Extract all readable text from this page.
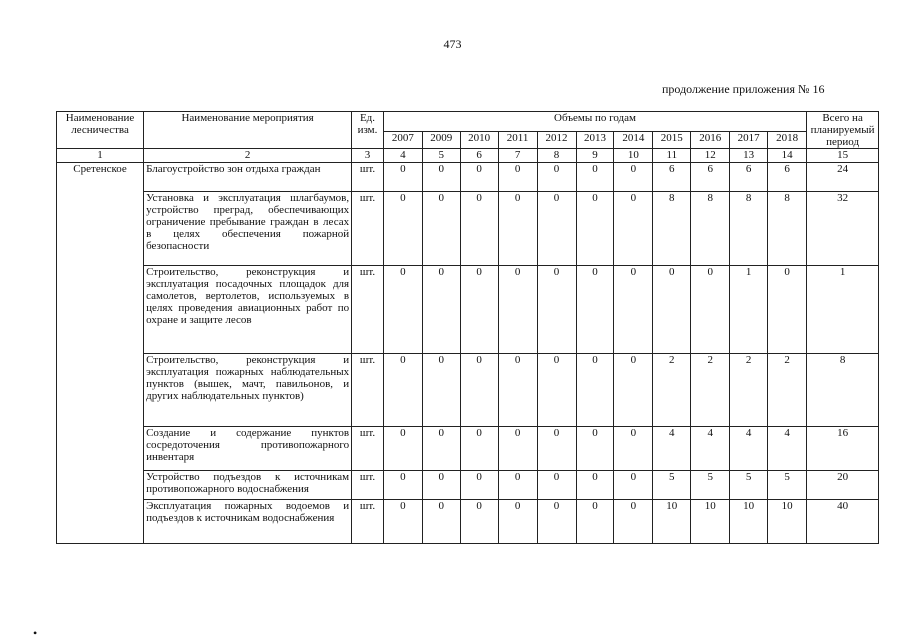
473
продолжение приложения № 16
Наименование лесничества	Наименование мероприятия	Ед. изм.	Объемы по годам											Всего на планируемый период
			2007	2009	2010	2011	2012	2013	2014	2015	2016	2017	2018	
1	2	3	4	5	6	7	8	9	10	11	12	13	14	15
Сретенское	Благоустройство зон отдыха граждан	шт.	0	0	0	0	0	0	0	6	6	6	6	24
	Установка и эксплуатация шлагбаумов, устройство преград, обеспечивающих ограничение пребывание граждан в лесах в целях обеспечения пожарной безопасности	шт.	0	0	0	0	0	0	0	8	8	8	8	32
	Строительство, реконструкция и эксплуатация посадочных площадок для самолетов, вертолетов, используемых в целях проведения авиационных работ по охране и защите лесов	шт.	0	0	0	0	0	0	0	0	0	1	0	1
	Строительство, реконструкция и эксплуатация пожарных наблюдательных пунктов (вышек, мачт, павильонов, и других наблюдательных пунктов)	шт.	0	0	0	0	0	0	0	2	2	2	2	8
	Создание и содержание пунктов сосредоточения противопожарного инвентаря	шт.	0	0	0	0	0	0	0	4	4	4	4	16
	Устройство подъездов к источникам противопожарного водоснабжения	шт.	0	0	0	0	0	0	0	5	5	5	5	20
	Эксплуатация пожарных водоемов и подъездов к источникам водоснабжения	шт.	0	0	0	0	0	0	0	10	10	10	10	40
•
